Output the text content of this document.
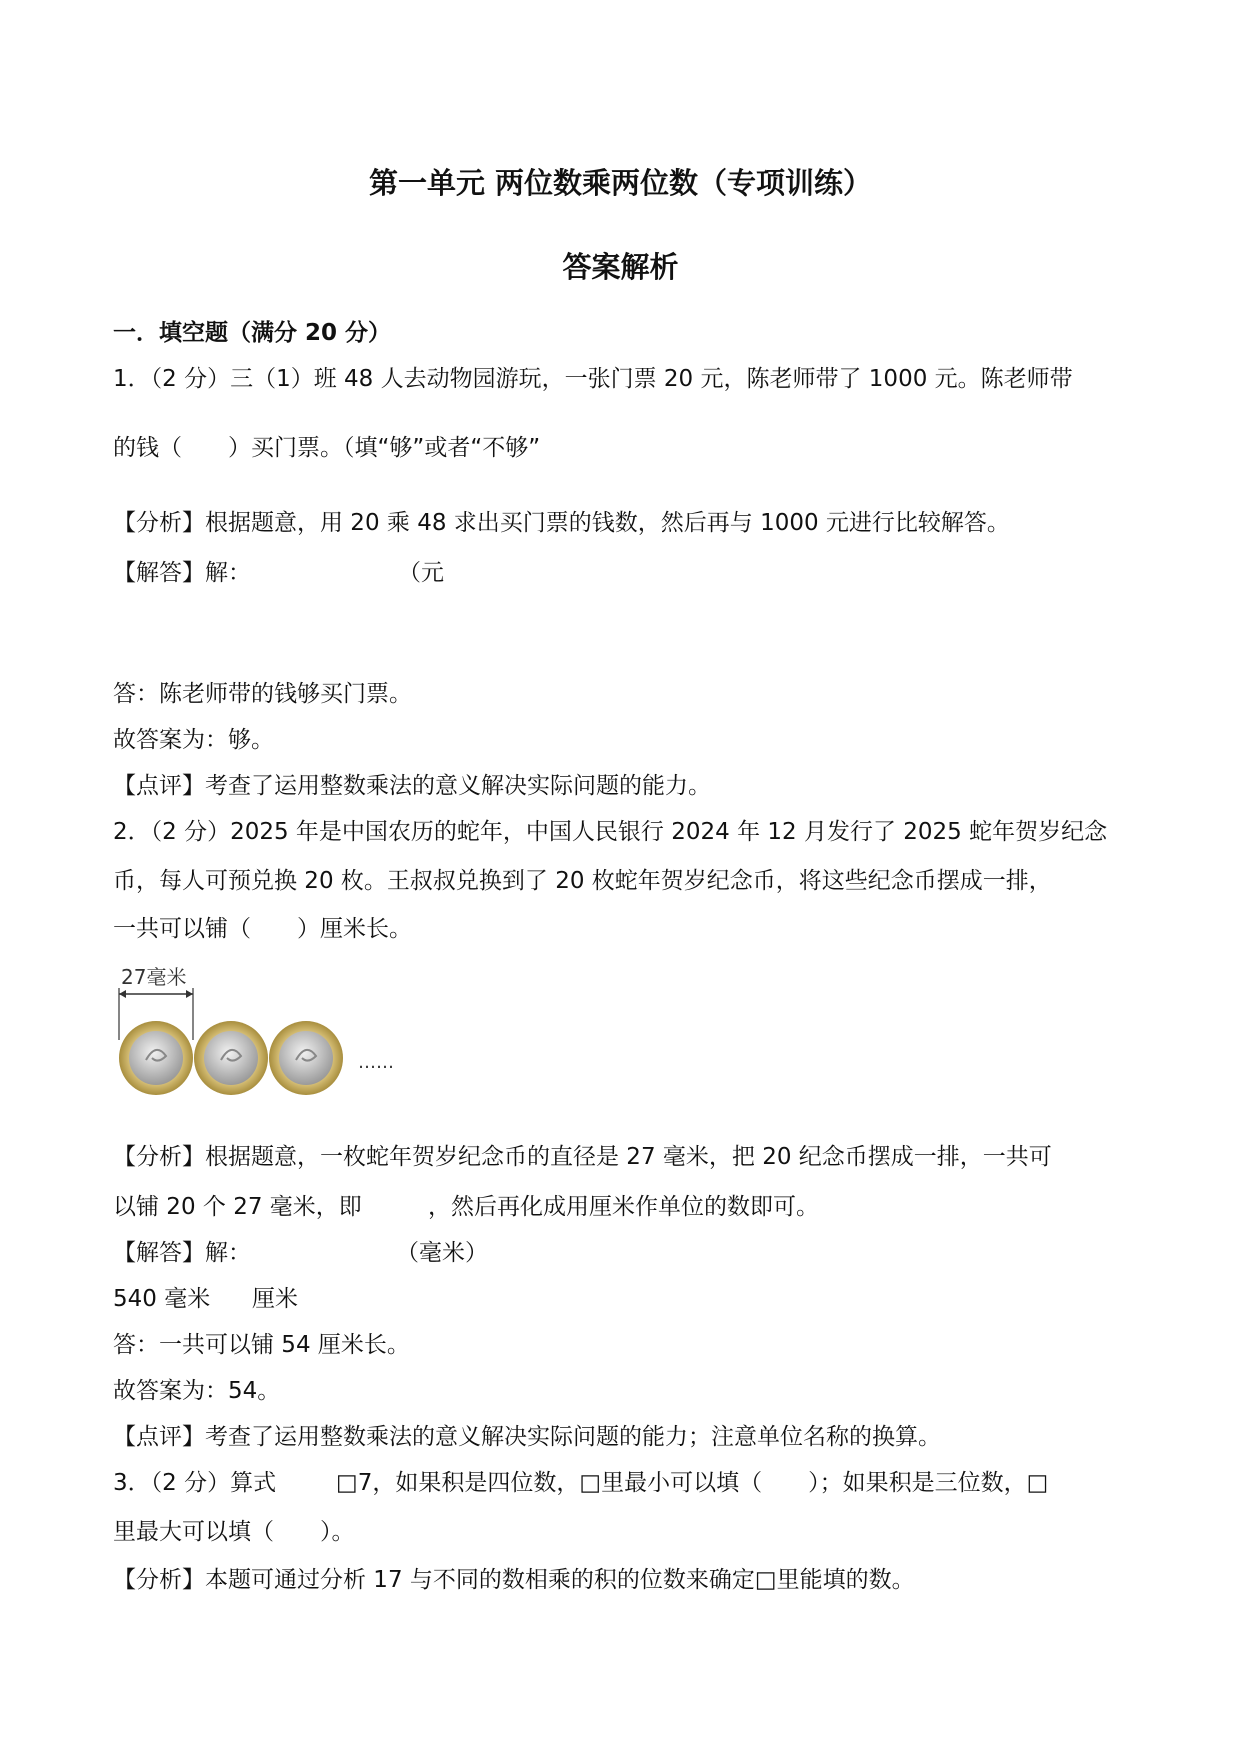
第一单元 两位数乘两位数（专项训练）
答案解析

一．填空题（满分 20 分）

1．（2 分）三（1）班 48 人去动物园游玩，一张门票 20 元，陈老师带了 1000 元。陈老师带

的钱（　　）买门票。（填“够”或者“不够”

【分析】根据题意，用 20 乘 48 求出买门票的钱数，然后再与 1000 元进行比较解答。

【解答】解：	（元

答：陈老师带的钱够买门票。

故答案为：够。

【点评】考查了运用整数乘法的意义解决实际问题的能力。

2．（2 分）2025 年是中国农历的蛇年，中国人民银行 2024 年 12 月发行了 2025 蛇年贺岁纪念

币，每人可预兑换 20 枚。王叔叔兑换到了 20 枚蛇年贺岁纪念币，将这些纪念币摆成一排，

一共可以铺（　　）厘米长。

27毫米
……

【分析】根据题意，一枚蛇年贺岁纪念币的直径是 27 毫米，把 20 纪念币摆成一排，一共可

以铺 20 个 27 毫米，即	，然后再化成用厘米作单位的数即可。

【解答】解：	（毫米）

540 毫米 厘米

答：一共可以铺 54 厘米长。

故答案为：54。

【点评】考查了运用整数乘法的意义解决实际问题的能力；注意单位名称的换算。

3．（2 分）算式	□7，如果积是四位数，□里最小可以填（　　）；如果积是三位数，□

里最大可以填（　　）。

【分析】本题可通过分析 17 与不同的数相乘的积的位数来确定□里能填的数。
